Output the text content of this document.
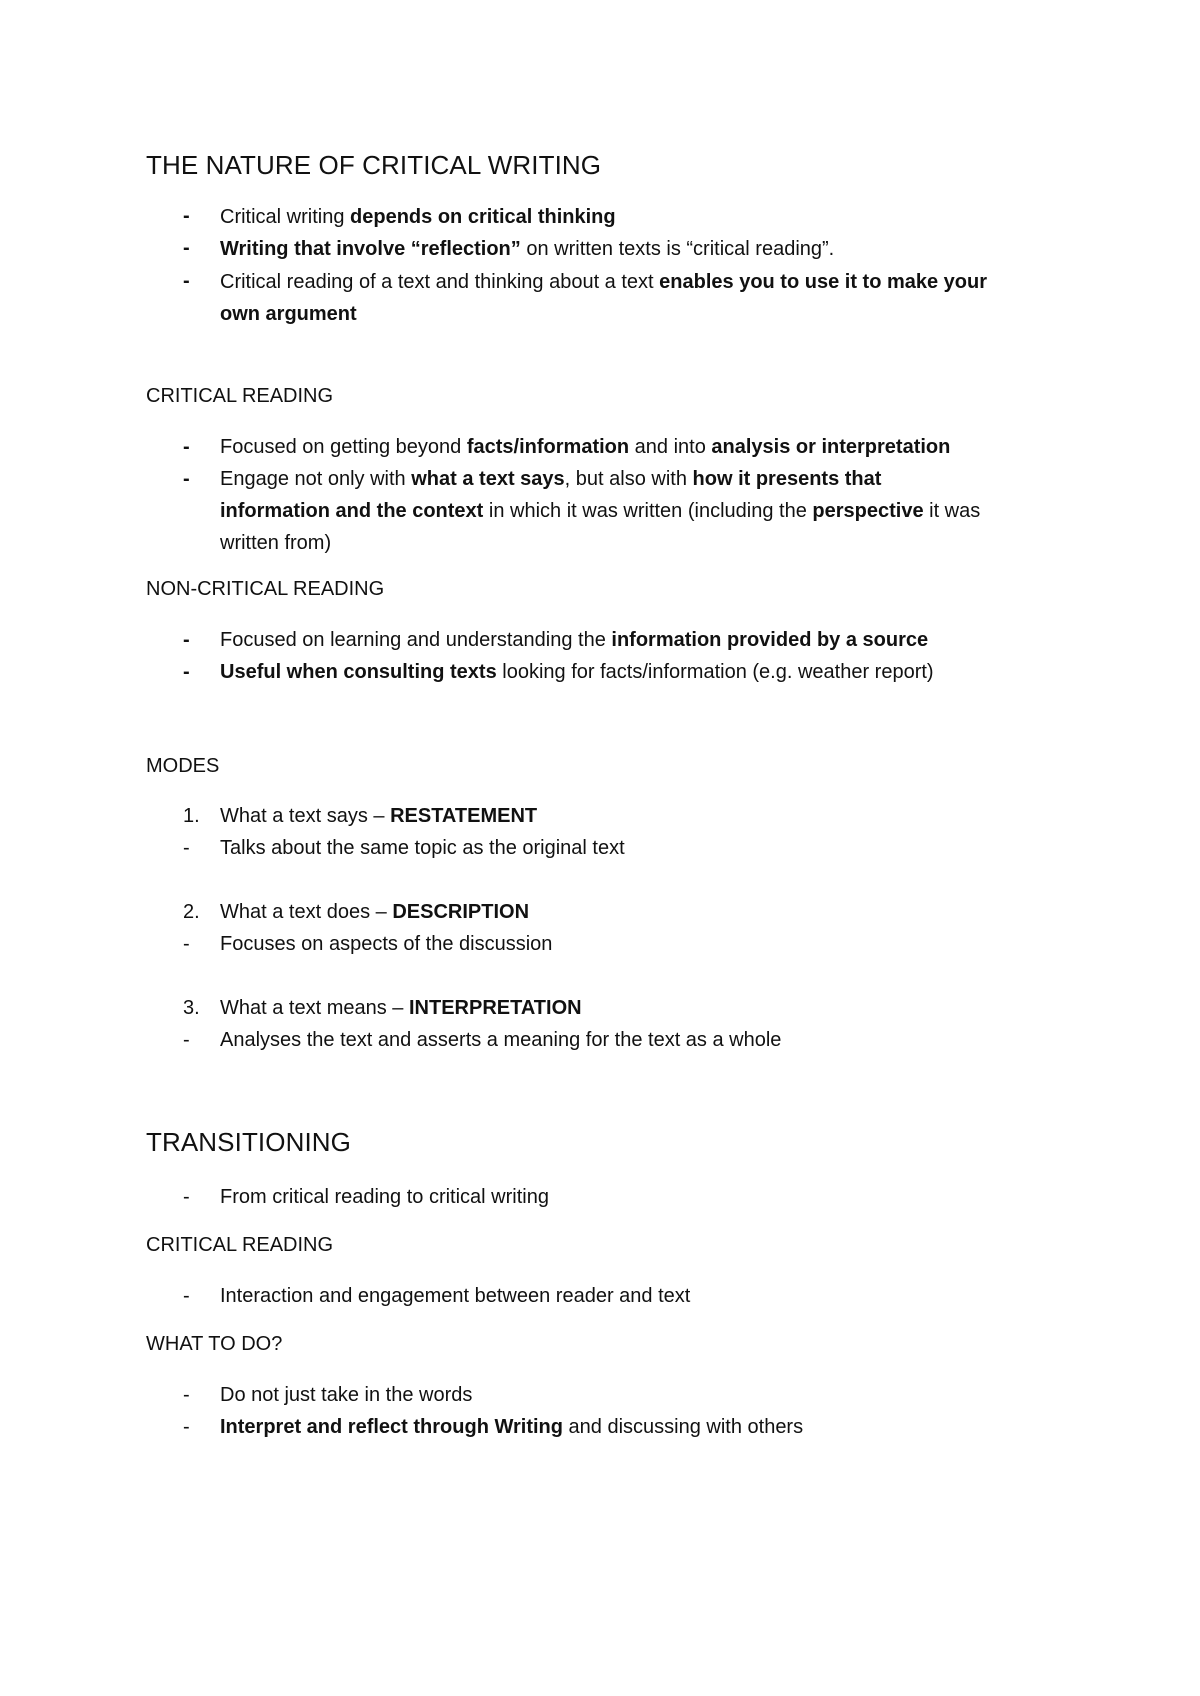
THE NATURE OF CRITICAL WRITING
-	Critical writing depends on critical thinking
-	Writing that involve “reflection” on written texts is “critical reading”.
-	Critical reading of a text and thinking about a text enables you to use it to make your
own argument
CRITICAL READING
-	Focused on getting beyond facts/information and into analysis or interpretation
-	Engage not only with what a text says, but also with how it presents that
information and the context in which it was written (including the perspective it was
written from)
NON-CRITICAL READING
-	Focused on learning and understanding the information provided by a source
-	Useful when consulting texts looking for facts/information (e.g. weather report)
MODES
1. What a text says – RESTATEMENT
-	Talks about the same topic as the original text
2. What a text does – DESCRIPTION
-	Focuses on aspects of the discussion
3. What a text means – INTERPRETATION
-	Analyses the text and asserts a meaning for the text as a whole
TRANSITIONING
-	From critical reading to critical writing
CRITICAL READING
-	Interaction and engagement between reader and text
WHAT TO DO?
-	Do not just take in the words
-	Interpret and reflect through Writing and discussing with others
